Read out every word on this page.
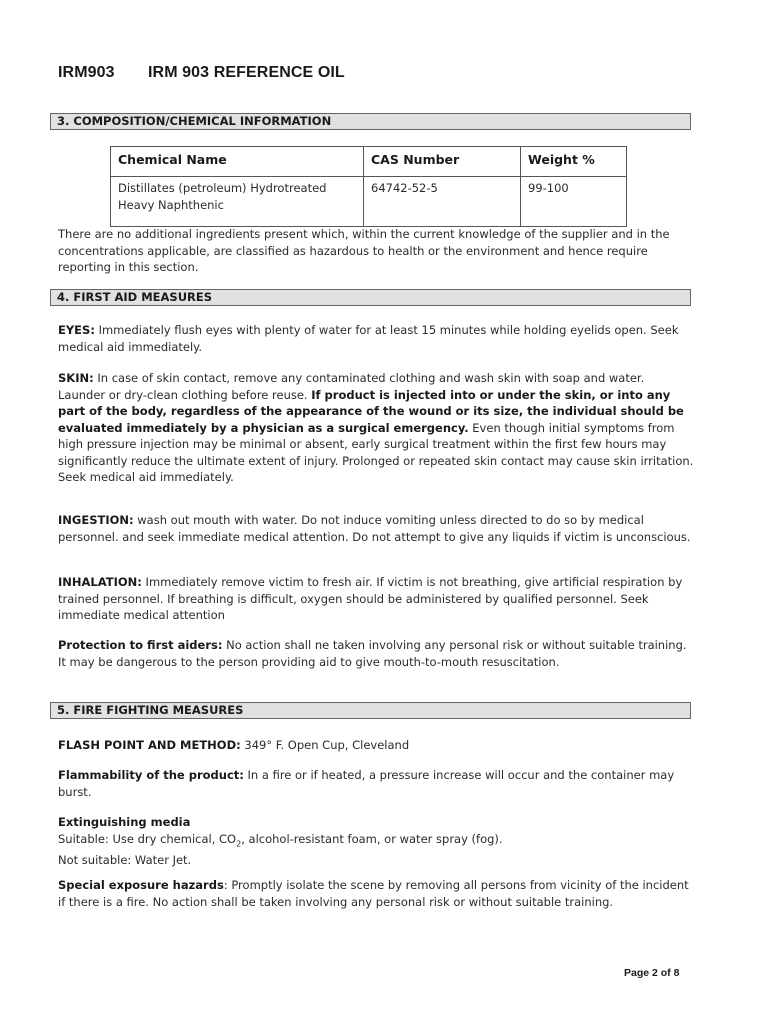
IRM903 IRM 903 REFERENCE OIL
3. COMPOSITION/CHEMICAL INFORMATION
Chemical Name	CAS Number	Weight %
Distillates (petroleum) Hydrotreated Heavy Naphthenic	64742-52-5	99-100
There are no additional ingredients present which, within the current knowledge of the supplier and in the concentrations applicable, are classified as hazardous to health or the environment and hence require reporting in this section.
4. FIRST AID MEASURES
EYES: Immediately flush eyes with plenty of water for at least 15 minutes while holding eyelids open. Seek medical aid immediately.
SKIN: In case of skin contact, remove any contaminated clothing and wash skin with soap and water. Launder or dry-clean clothing before reuse. If product is injected into or under the skin, or into any part of the body, regardless of the appearance of the wound or its size, the individual should be evaluated immediately by a physician as a surgical emergency. Even though initial symptoms from high pressure injection may be minimal or absent, early surgical treatment within the first few hours may significantly reduce the ultimate extent of injury. Prolonged or repeated skin contact may cause skin irritation. Seek medical aid immediately.
INGESTION: wash out mouth with water. Do not induce vomiting unless directed to do so by medical personnel. and seek immediate medical attention. Do not attempt to give any liquids if victim is unconscious.
INHALATION: Immediately remove victim to fresh air. If victim is not breathing, give artificial respiration by trained personnel. If breathing is difficult, oxygen should be administered by qualified personnel. Seek immediate medical attention
Protection to first aiders: No action shall ne taken involving any personal risk or without suitable training. It may be dangerous to the person providing aid to give mouth-to-mouth resuscitation.
5. FIRE FIGHTING MEASURES
FLASH POINT AND METHOD: 349° F. Open Cup, Cleveland
Flammability of the product: In a fire or if heated, a pressure increase will occur and the container may burst.
Extinguishing media
Suitable: Use dry chemical, $CO_2$, alcohol-resistant foam, or water spray (fog).
Not suitable: Water Jet.
Special exposure hazards: Promptly isolate the scene by removing all persons from vicinity of the incident if there is a fire. No action shall be taken involving any personal risk or without suitable training.
Page 2 of 8
